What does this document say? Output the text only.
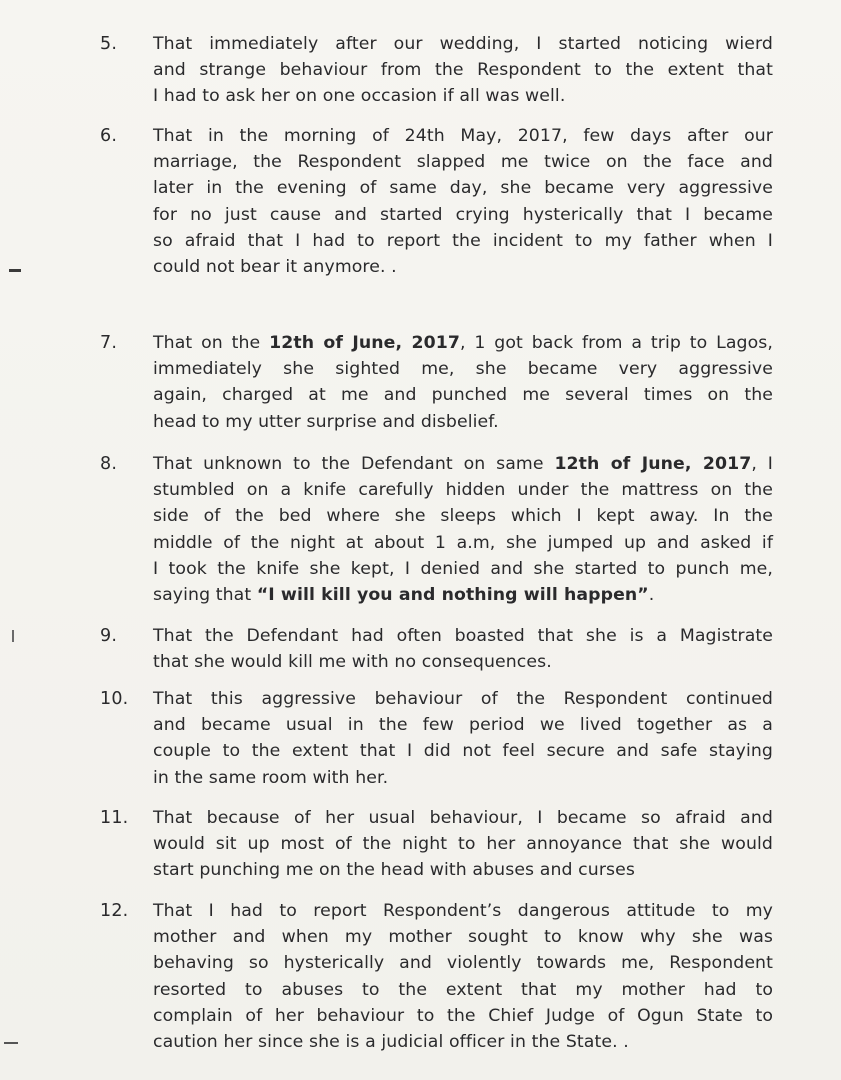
5. That immediately after our wedding, I started noticing wierd
and strange behaviour from the Respondent to the extent that
I had to ask her on one occasion if all was well.
6. That in the morning of 24th May, 2017, few days after our
marriage, the Respondent slapped me twice on the face and
later in the evening of same day, she became very aggressive
for no just cause and started crying hysterically that I became
so afraid that I had to report the incident to my father when I
could not bear it anymore. .
7. That on the 12th of June, 2017, 1 got back from a trip to Lagos,
immediately she sighted me, she became very aggressive
again, charged at me and punched me several times on the
head to my utter surprise and disbelief.
8. That unknown to the Defendant on same 12th of June, 2017, I
stumbled on a knife carefully hidden under the mattress on the
side of the bed where she sleeps which I kept away. In the
middle of the night at about 1 a.m, she jumped up and asked if
I took the knife she kept, I denied and she started to punch me,
saying that “I will kill you and nothing will happen”.
9. That the Defendant had often boasted that she is a Magistrate
that she would kill me with no consequences.
10. That this aggressive behaviour of the Respondent continued
and became usual in the few period we lived together as a
couple to the extent that I did not feel secure and safe staying
in the same room with her.
11. That because of her usual behaviour, I became so afraid and
would sit up most of the night to her annoyance that she would
start punching me on the head with abuses and curses
12. That I had to report Respondent’s dangerous attitude to my
mother and when my mother sought to know why she was
behaving so hysterically and violently towards me, Respondent
resorted to abuses to the extent that my mother had to
complain of her behaviour to the Chief Judge of Ogun State to
caution her since she is a judicial officer in the State. .
